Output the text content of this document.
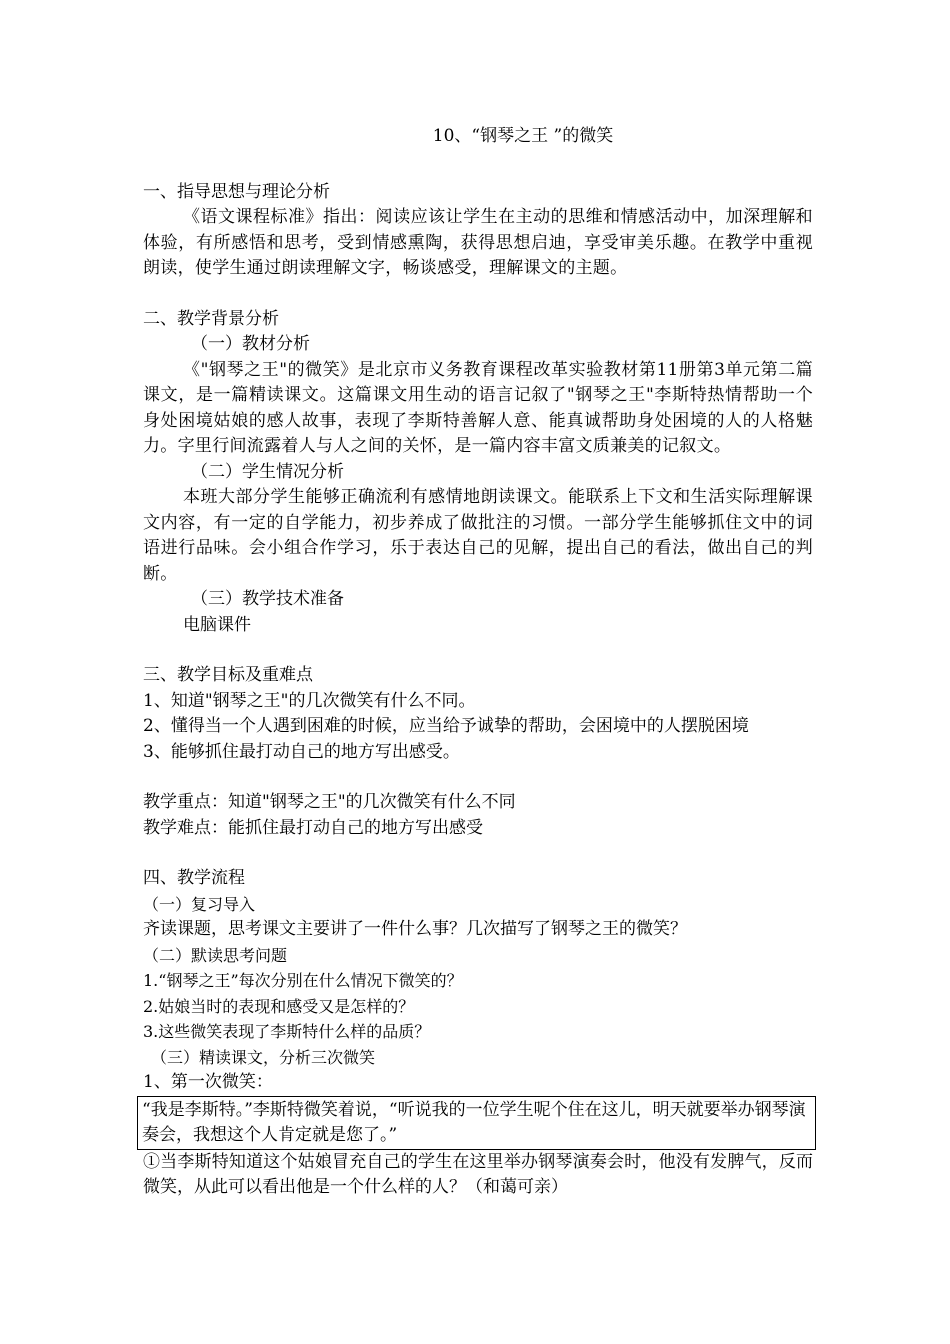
10、“钢琴之王 ”的微笑
一、指导思想与理论分析
《语文课程标准》指出：阅读应该让学生在主动的思维和情感活动中，加深理解和体验，有所感悟和思考，受到情感熏陶，获得思想启迪，享受审美乐趣。在教学中重视朗读，使学生通过朗读理解文字，畅谈感受，理解课文的主题。
二、教学背景分析
（一）教材分析
《"钢琴之王"的微笑》是北京市义务教育课程改革实验教材第11册第3单元第二篇课文，是一篇精读课文。这篇课文用生动的语言记叙了"钢琴之王"李斯特热情帮助一个身处困境姑娘的感人故事，表现了李斯特善解人意、能真诚帮助身处困境的人的人格魅力。字里行间流露着人与人之间的关怀，是一篇内容丰富文质兼美的记叙文。
（二）学生情况分析
本班大部分学生能够正确流利有感情地朗读课文。能联系上下文和生活实际理解课文内容，有一定的自学能力，初步养成了做批注的习惯。一部分学生能够抓住文中的词语进行品味。会小组合作学习，乐于表达自己的见解，提出自己的看法，做出自己的判断。
（三）教学技术准备
电脑课件
三、教学目标及重难点
1、知道"钢琴之王"的几次微笑有什么不同。
2、懂得当一个人遇到困难的时候，应当给予诚挚的帮助，会困境中的人摆脱困境
3、能够抓住最打动自己的地方写出感受。
教学重点：知道"钢琴之王"的几次微笑有什么不同
教学难点：能抓住最打动自己的地方写出感受
四、教学流程
（一）复习导入
齐读课题，思考课文主要讲了一件什么事？几次描写了钢琴之王的微笑？
（二）默读思考问题
1.“钢琴之王”每次分别在什么情况下微笑的？
2.姑娘当时的表现和感受又是怎样的？
3.这些微笑表现了李斯特什么样的品质？
（三）精读课文，分析三次微笑
1、第一次微笑：
“我是李斯特。”李斯特微笑着说，“听说我的一位学生呢个住在这儿，明天就要举办钢琴演奏会，我想这个人肯定就是您了。”
①当李斯特知道这个姑娘冒充自己的学生在这里举办钢琴演奏会时，他没有发脾气，反而微笑，从此可以看出他是一个什么样的人？（和蔼可亲）
